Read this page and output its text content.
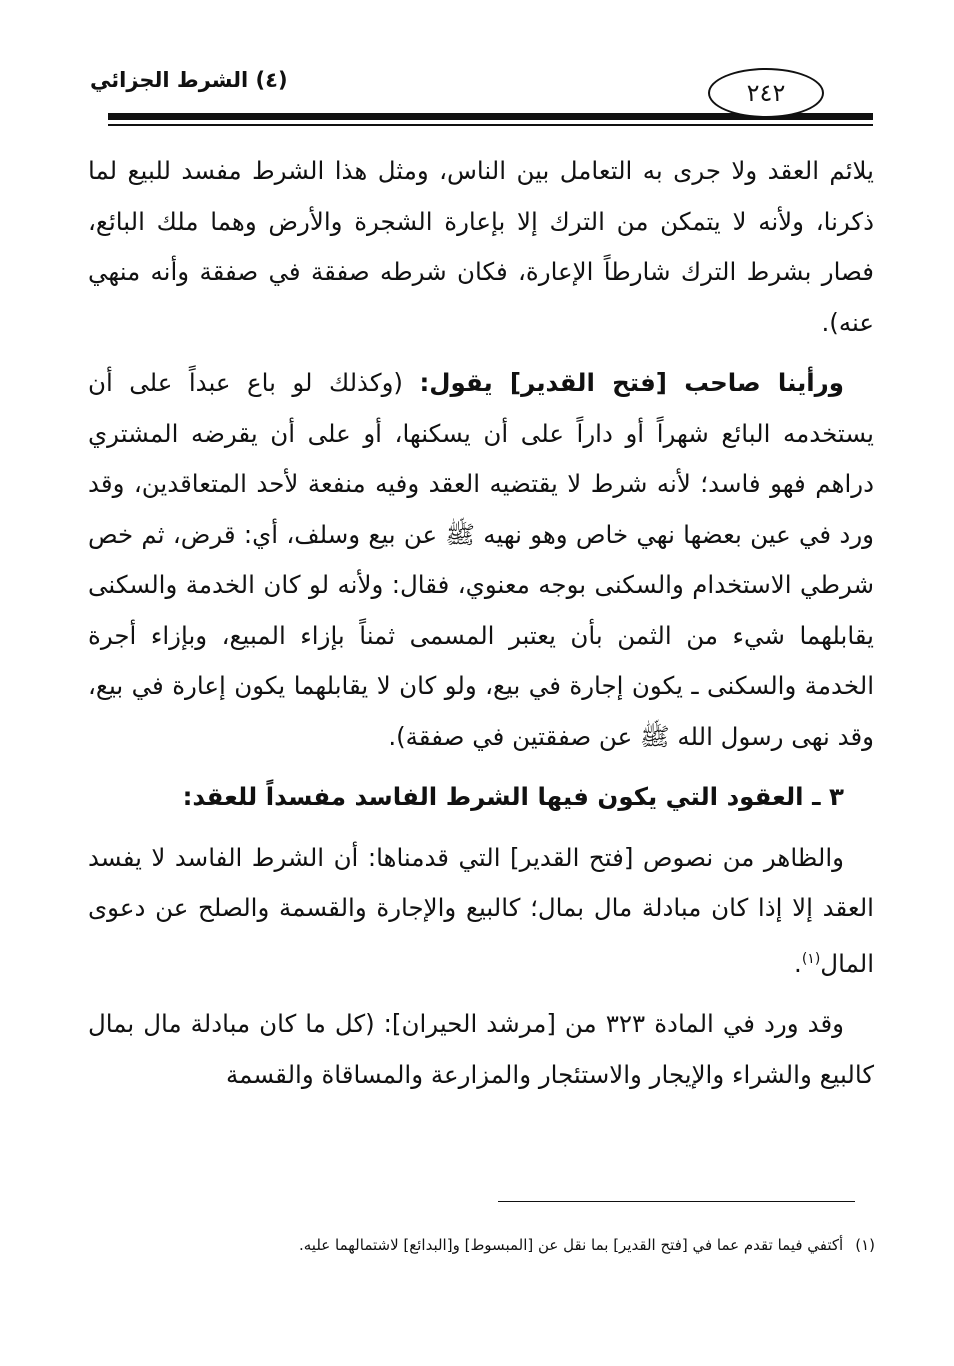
٢٤٢
(٤) الشرط الجزائي

يلائم العقد ولا جرى به التعامل بين الناس، ومثل هذا الشرط مفسد للبيع لما ذكرنا، ولأنه لا يتمكن من الترك إلا بإعارة الشجرة والأرض وهما ملك البائع، فصار بشرط الترك شارطاً الإعارة، فكان شرطه صفقة في صفقة وأنه منهي عنه).

ورأينا صاحب [فتح القدير] يقول: (وكذلك لو باع عبداً على أن يستخدمه البائع شهراً أو داراً على أن يسكنها، أو على أن يقرضه المشتري دراهم فهو فاسد؛ لأنه شرط لا يقتضيه العقد وفيه منفعة لأحد المتعاقدين، وقد ورد في عين بعضها نهي خاص وهو نهيه ﷺ عن بيع وسلف، أي: قرض، ثم خص شرطي الاستخدام والسكنى بوجه معنوي، فقال: ولأنه لو كان الخدمة والسكنى يقابلهما شيء من الثمن بأن يعتبر المسمى ثمناً بإزاء المبيع، وبإزاء أجرة الخدمة والسكنى ـ يكون إجارة في بيع، ولو كان لا يقابلهما يكون إعارة في بيع، وقد نهى رسول الله ﷺ عن صفقتين في صفقة).

٣ ـ العقود التي يكون فيها الشرط الفاسد مفسداً للعقد:

والظاهر من نصوص [فتح القدير] التي قدمناها: أن الشرط الفاسد لا يفسد العقد إلا إذا كان مبادلة مال بمال؛ كالبيع والإجارة والقسمة والصلح عن دعوى المال$^{(١)}$.

وقد ورد في المادة ٣٢٣ من [مرشد الحيران]: (كل ما كان مبادلة مال بمال كالبيع والشراء والإيجار والاستئجار والمزارعة والمساقاة والقسمة

(١)أكتفي فيما تقدم عما في [فتح القدير] بما نقل عن [المبسوط] و[البدائع] لاشتمالهما عليه.
